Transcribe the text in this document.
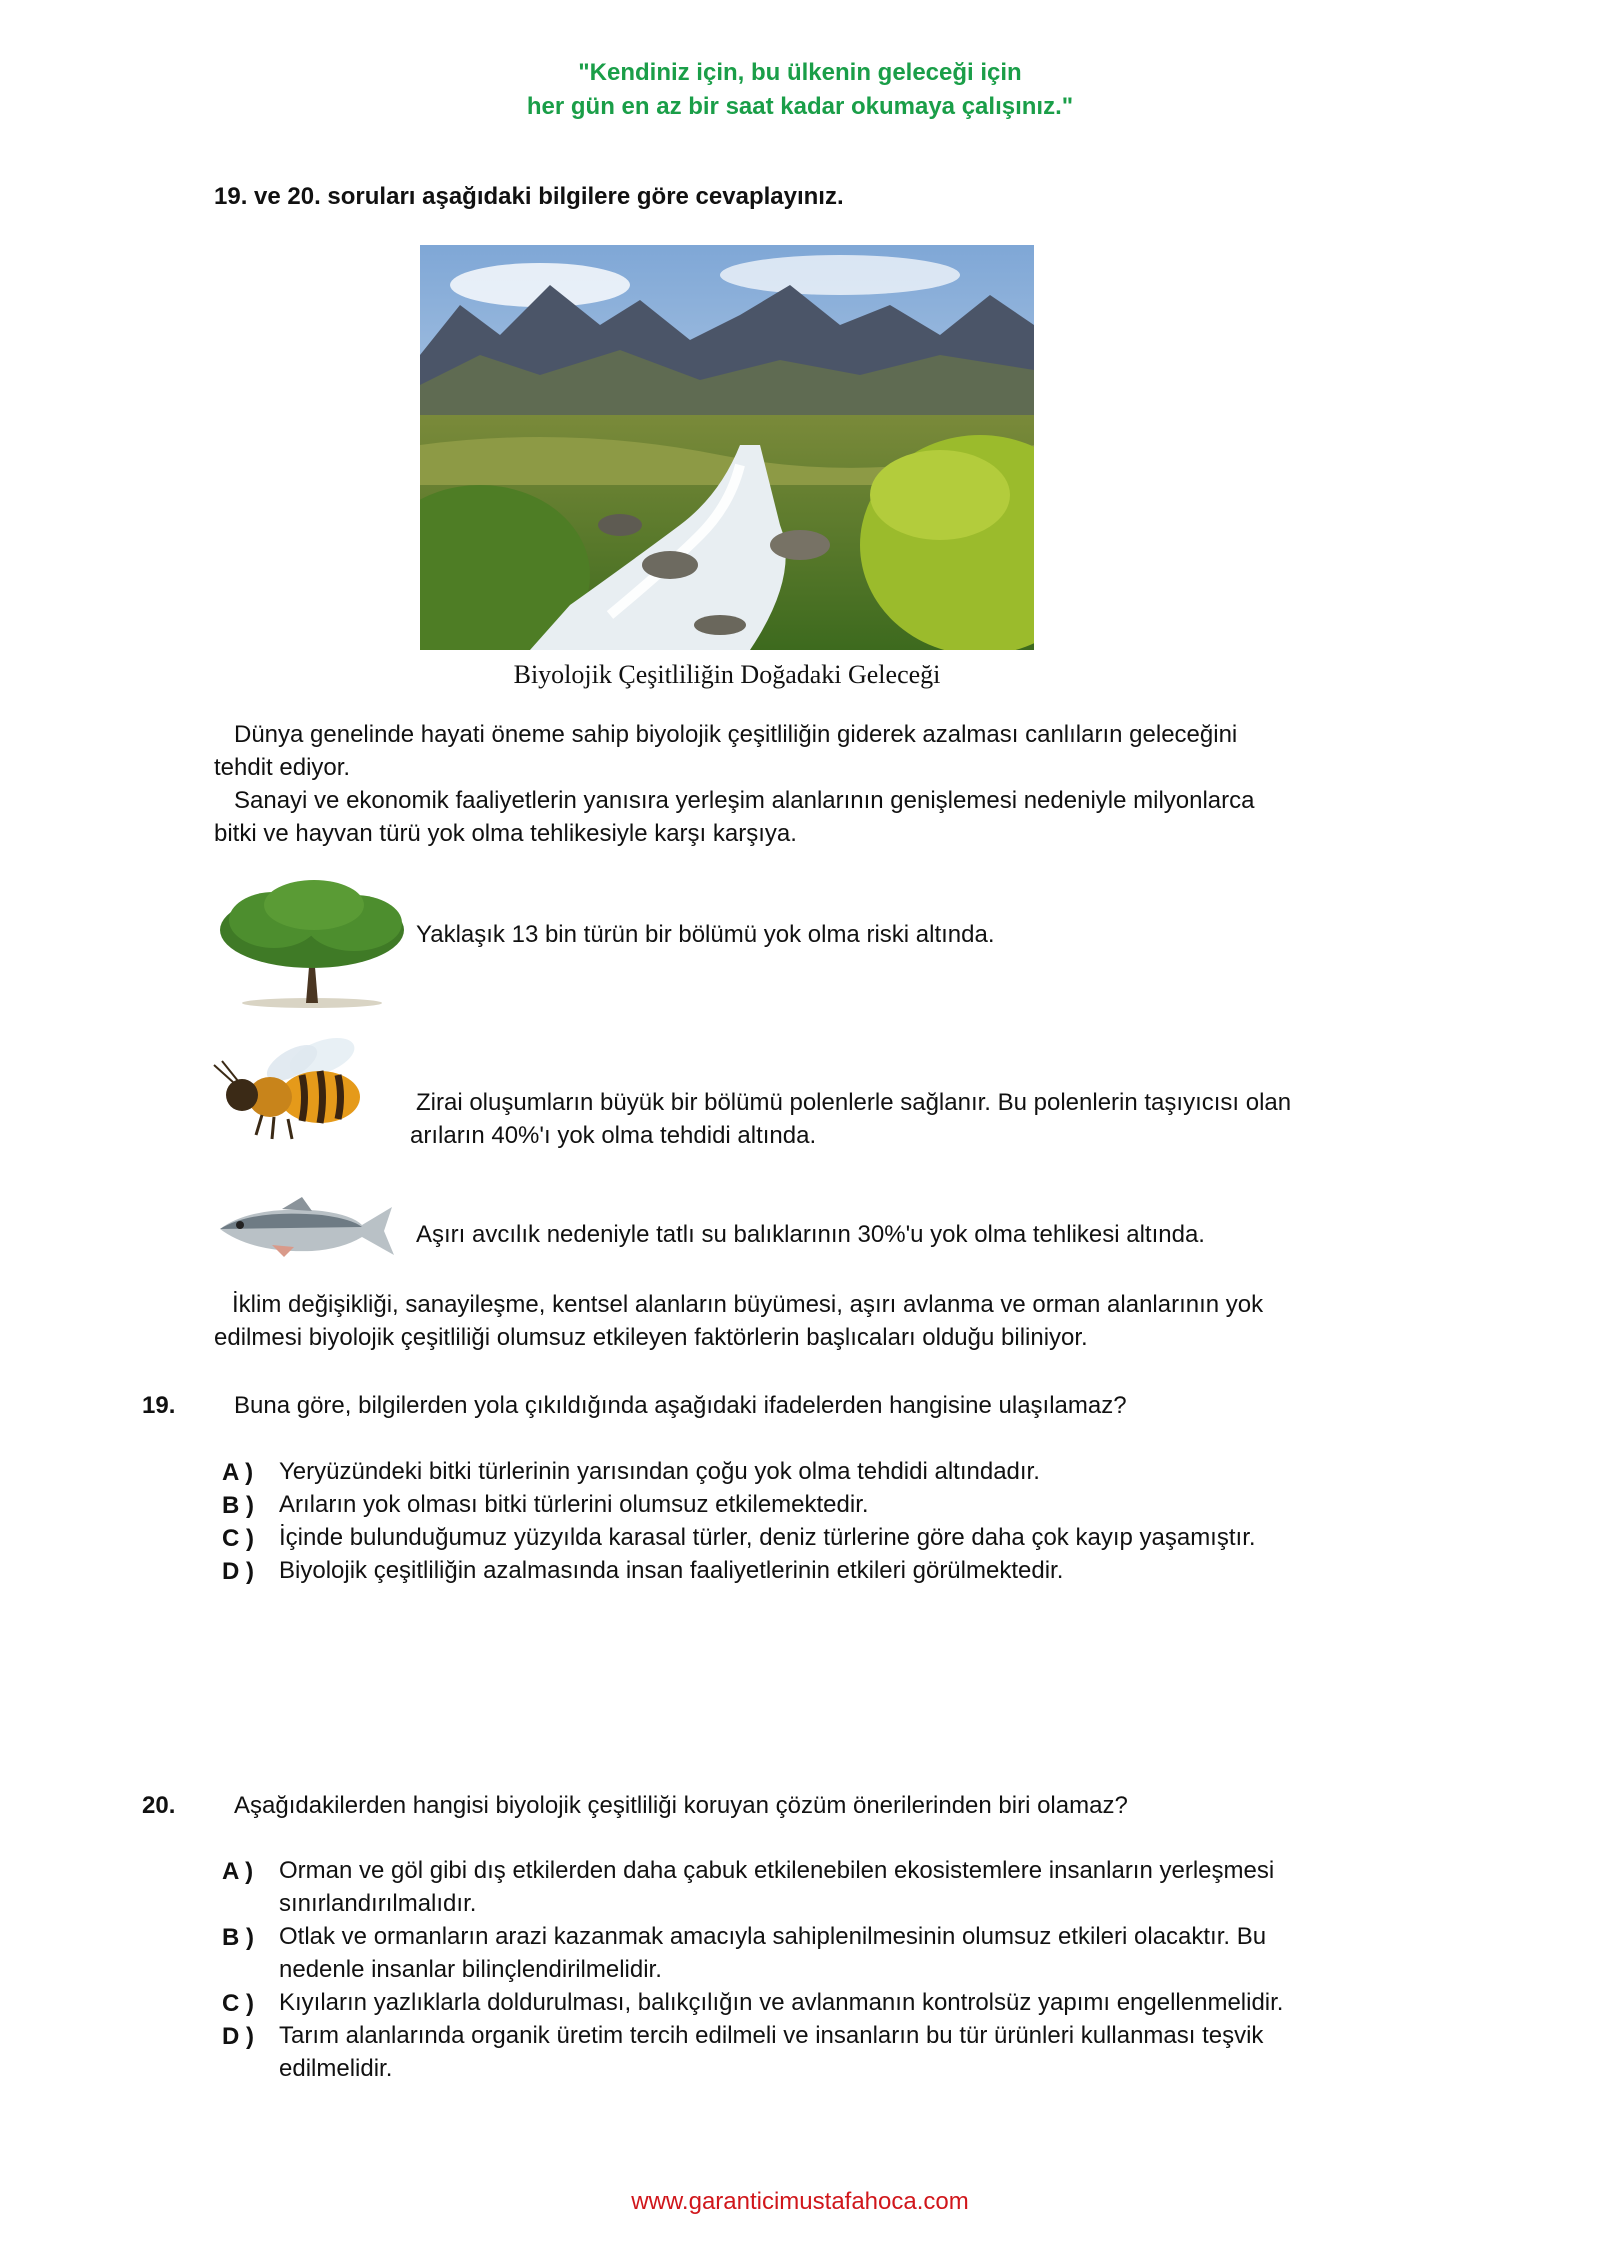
"Kendiniz için, bu ülkenin geleceği için
her gün en az bir saat kadar okumaya çalışınız."
19. ve 20. soruları aşağıdaki bilgilere göre cevaplayınız.
Biyolojik Çeşitliliğin Doğadaki Geleceği
Dünya genelinde hayati öneme sahip biyolojik çeşitliliğin giderek azalması canlıların geleceğini
tehdit ediyor.
Sanayi ve ekonomik faaliyetlerin yanısıra yerleşim alanlarının genişlemesi nedeniyle milyonlarca
bitki ve hayvan türü yok olma tehlikesiyle karşı karşıya.
Yaklaşık 13 bin türün bir bölümü yok olma riski altında.
Zirai oluşumların büyük bir bölümü polenlerle sağlanır. Bu polenlerin taşıyıcısı olan
arıların 40%'ı yok olma tehdidi altında.
Aşırı avcılık nedeniyle tatlı su balıklarının 30%'u yok olma tehlikesi altında.
İklim değişikliği, sanayileşme, kentsel alanların büyümesi, aşırı avlanma ve orman alanlarının yok
edilmesi biyolojik çeşitliliği olumsuz etkileyen faktörlerin başlıcaları olduğu biliniyor.
19. Buna göre, bilgilerden yola çıkıldığında aşağıdaki ifadelerden hangisine ulaşılamaz?
A ) Yeryüzündeki bitki türlerinin yarısından çoğu yok olma tehdidi altındadır.
B ) Arıların yok olması bitki türlerini olumsuz etkilemektedir.
C ) İçinde bulunduğumuz yüzyılda karasal türler, deniz türlerine göre daha çok kayıp yaşamıştır.
D ) Biyolojik çeşitliliğin azalmasında insan faaliyetlerinin etkileri görülmektedir.
20. Aşağıdakilerden hangisi biyolojik çeşitliliği koruyan çözüm önerilerinden biri olamaz?
A ) Orman ve göl gibi dış etkilerden daha çabuk etkilenebilen ekosistemlere insanların yerleşmesi
sınırlandırılmalıdır.
B ) Otlak ve ormanların arazi kazanmak amacıyla sahiplenilmesinin olumsuz etkileri olacaktır. Bu
nedenle insanlar bilinçlendirilmelidir.
C ) Kıyıların yazlıklarla doldurulması, balıkçılığın ve avlanmanın kontrolsüz yapımı engellenmelidir.
D ) Tarım alanlarında organik üretim tercih edilmeli ve insanların bu tür ürünleri kullanması teşvik
edilmelidir.
www.garanticimustafahoca.com
